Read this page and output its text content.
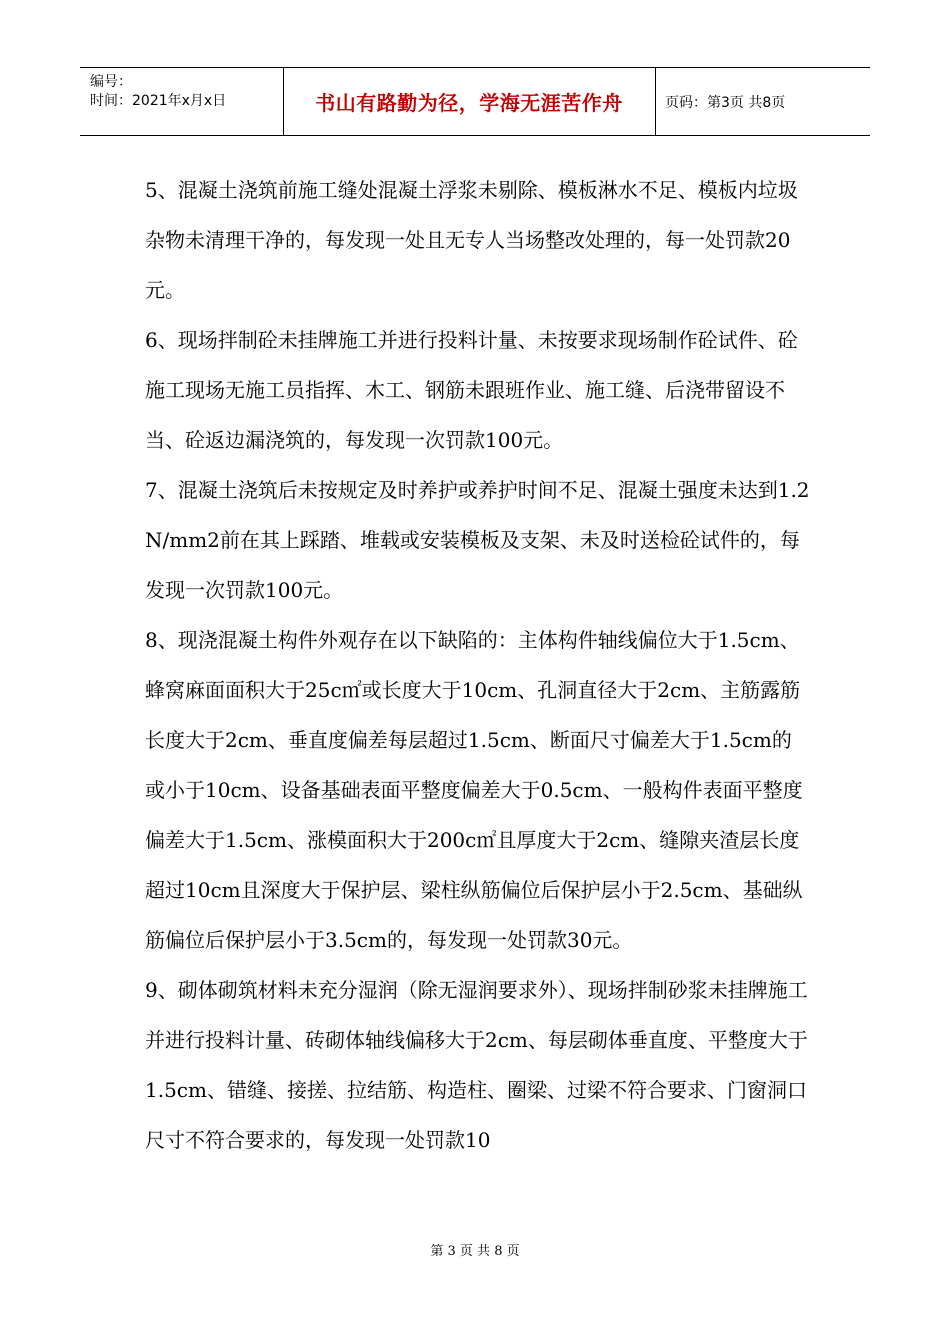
编号：
时间：2021年x月x日	书山有路勤为径，学海无涯苦作舟	页码：第3页 共8页

5、混凝土浇筑前施工缝处混凝土浮浆未剔除、模板淋水不足、模板内垃圾杂物未清理干净的，每发现一处且无专人当场整改处理的，每一处罚款20元。

6、现场拌制砼未挂牌施工并进行投料计量、未按要求现场制作砼试件、砼施工现场无施工员指挥、木工、钢筋未跟班作业、施工缝、后浇带留设不当、砼返边漏浇筑的，每发现一次罚款100元。

7、混凝土浇筑后未按规定及时养护或养护时间不足、混凝土强度未达到1.2N/mm2前在其上踩踏、堆载或安装模板及支架、未及时送检砼试件的，每发现一次罚款100元。

8、现浇混凝土构件外观存在以下缺陷的：主体构件轴线偏位大于1.5cm、蜂窝麻面面积大于25c㎡或长度大于10cm、孔洞直径大于2cm、主筋露筋长度大于2cm、垂直度偏差每层超过1.5cm、断面尺寸偏差大于1.5cm的或小于10cm、设备基础表面平整度偏差大于0.5cm、一般构件表面平整度偏差大于1.5cm、涨模面积大于200c㎡且厚度大于2cm、缝隙夹渣层长度超过10cm且深度大于保护层、梁柱纵筋偏位后保护层小于2.5cm、基础纵筋偏位后保护层小于3.5cm的，每发现一处罚款30元。

9、砌体砌筑材料未充分湿润（除无湿润要求外）、现场拌制砂浆未挂牌施工并进行投料计量、砖砌体轴线偏移大于2cm、每层砌体垂直度、平整度大于1.5cm、错缝、接搓、拉结筋、构造柱、圈梁、过梁不符合要求、门窗洞口尺寸不符合要求的，每发现一处罚款10

第 3 页 共 8 页
